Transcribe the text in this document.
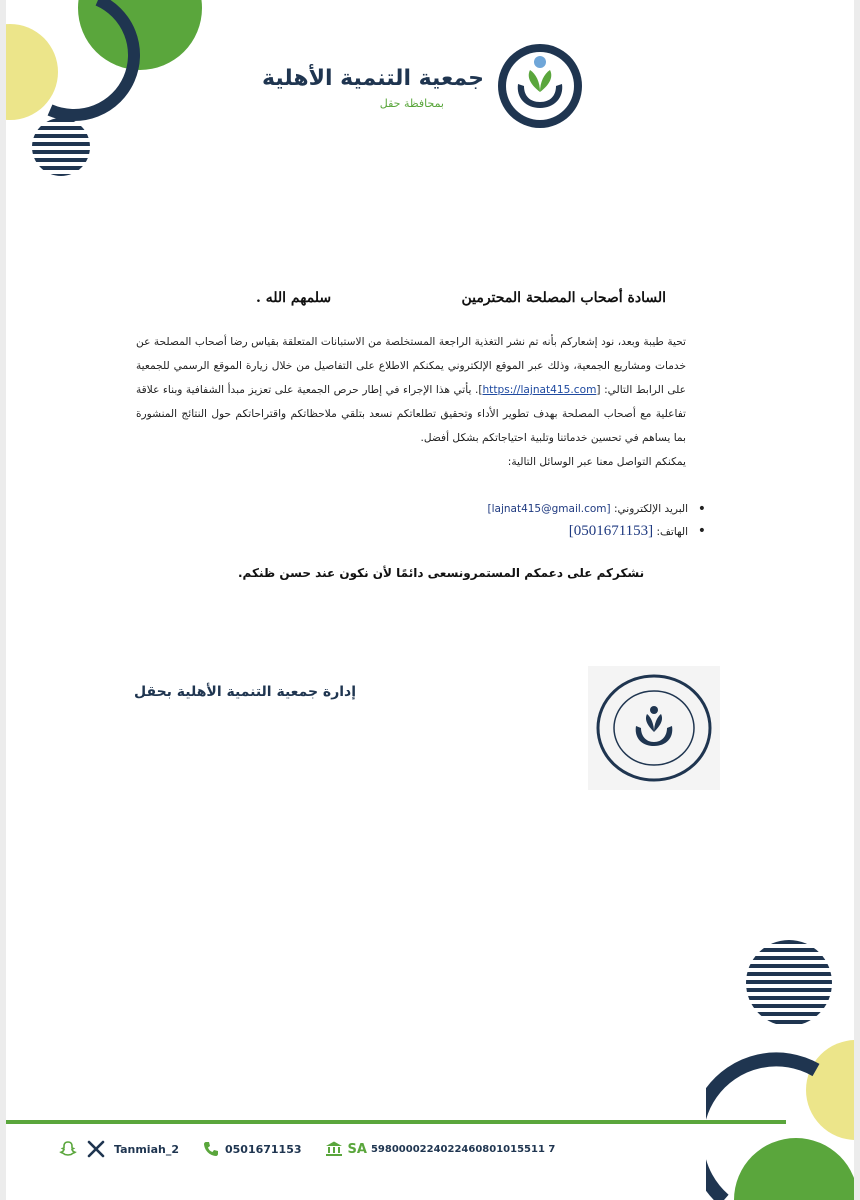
جمعية التنمية الأهلية
بمحافظة حقل
السادة أصحاب المصلحة المحترمين
سلمهم الله .
تحية طيبة وبعد، نود إشعاركم بأنه تم نشر التغذية الراجعة المستخلصة من الاستبانات المتعلقة بقياس رضا أصحاب المصلحة عن خدمات ومشاريع الجمعية، وذلك عبر الموقع الإلكتروني يمكنكم الاطلاع على التفاصيل من خلال زيارة الموقع الرسمي للجمعية على الرابط التالي: [https://lajnat415.com]. يأتي هذا الإجراء في إطار حرص الجمعية على تعزيز مبدأ الشفافية وبناء علاقة تفاعلية مع أصحاب المصلحة بهدف تطوير الأداء وتحقيق تطلعاتكم نسعد بتلقي ملاحظاتكم واقتراحاتكم حول النتائج المنشورة بما يساهم في تحسين خدماتنا وتلبية احتياجاتكم بشكل أفضل.
يمكنكم التواصل معنا عبر الوسائل التالية:
• البريد الإلكتروني: [lajnat415@gmail.com]
• الهاتف: [0501671153]
نشكركم على دعمكم المستمرونسعى دائمًا لأن نكون عند حسن ظنكم.
إدارة جمعية التنمية الأهلية بحقل
Tanmiah_2	0501671153	SA 5980000224022460801015511 7
